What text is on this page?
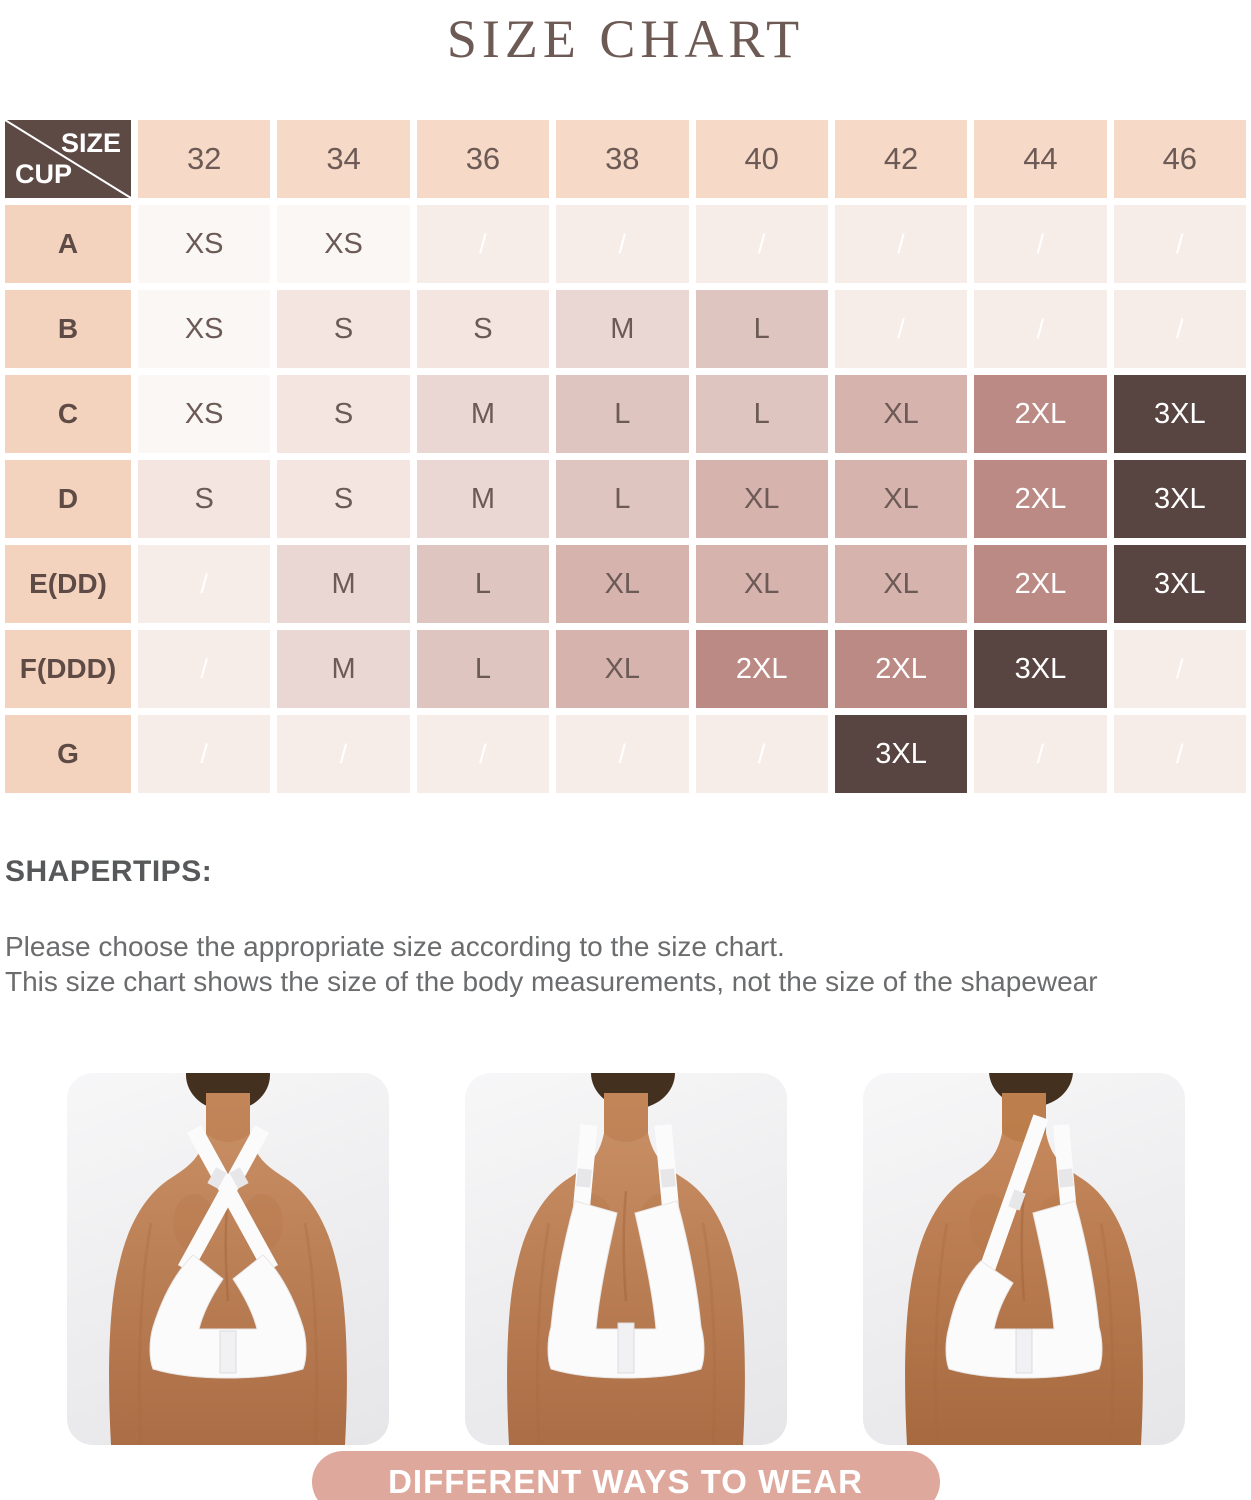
SIZE CHART
SIZE
CUP	32	34	36	38	40	42	44	46
A	XS	XS	/	/	/	/	/	/
B	XS	S	S	M	L	/	/	/
C	XS	S	M	L	L	XL	2XL	3XL
D	S	S	M	L	XL	XL	2XL	3XL
E(DD)	/	M	L	XL	XL	XL	2XL	3XL
F(DDD)	/	M	L	XL	2XL	2XL	3XL	/
G	/	/	/	/	/	3XL	/	/
SHAPERTIPS:

Please choose the appropriate size according to the size chart.

This size chart shows the size of the body measurements, not the size of the shapewear

DIFFERENT WAYS TO WEAR
